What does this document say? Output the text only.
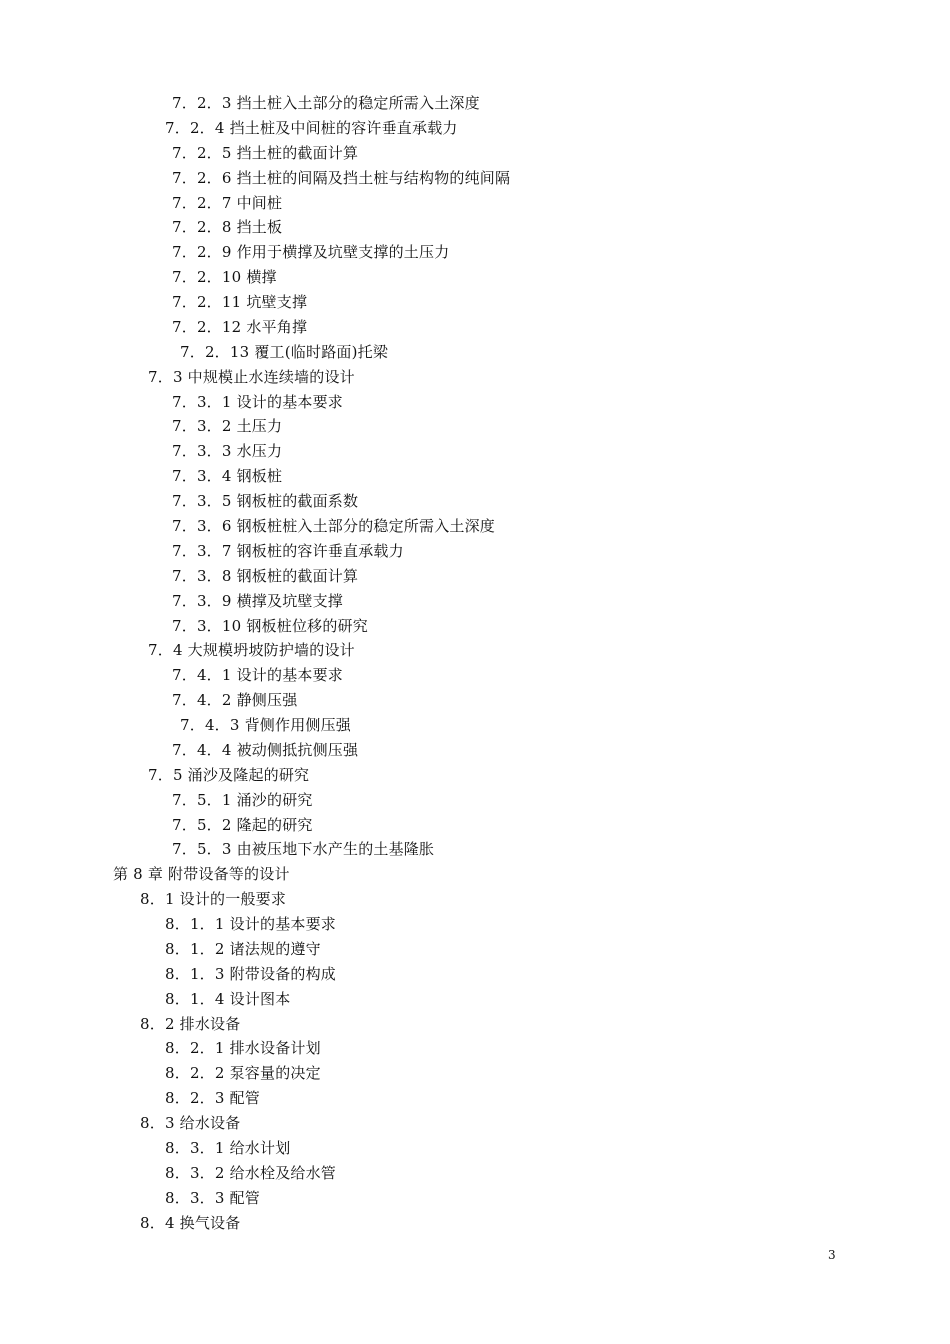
7．2．3 挡土桩入土部分的稳定所需入土深度
7．2．4 挡土桩及中间桩的容许垂直承载力
7．2．5 挡土桩的截面计算
7．2．6 挡土桩的间隔及挡土桩与结构物的纯间隔
7．2．7 中间桩
7．2．8 挡土板
7．2．9 作用于横撑及坑壁支撑的土压力
7．2．10 横撑
7．2．11 坑壁支撑
7．2．12 水平角撑
7．2．13 覆工(临时路面)托梁
7．3 中规模止水连续墙的设计
7．3．1 设计的基本要求
7．3．2 土压力
7．3．3 水压力
7．3．4 钢板桩
7．3．5 钢板桩的截面系数
7．3．6 钢板桩桩入土部分的稳定所需入土深度
7．3．7 钢板桩的容许垂直承载力
7．3．8 钢板桩的截面计算
7．3．9 横撑及坑壁支撑
7．3．10 钢板桩位移的研究
7．4 大规模坍坡防护墙的设计
7．4．1 设计的基本要求
7．4．2 静侧压强
7．4．3 背侧作用侧压强
7．4．4 被动侧抵抗侧压强
7．5 涌沙及隆起的研究
7．5．1 涌沙的研究
7．5．2 隆起的研究
7．5．3 由被压地下水产生的土基隆胀
第 8 章 附带设备等的设计
8．1 设计的一般要求
8．1．1 设计的基本要求
8．1．2 诸法规的遵守
8．1．3 附带设备的构成
8．1．4 设计图本
8．2 排水设备
8．2．1 排水设备计划
8．2．2 泵容量的决定
8．2．3 配管
8．3 给水设备
8．3．1 给水计划
8．3．2 给水栓及给水管
8．3．3 配管
8．4 换气设备
3
